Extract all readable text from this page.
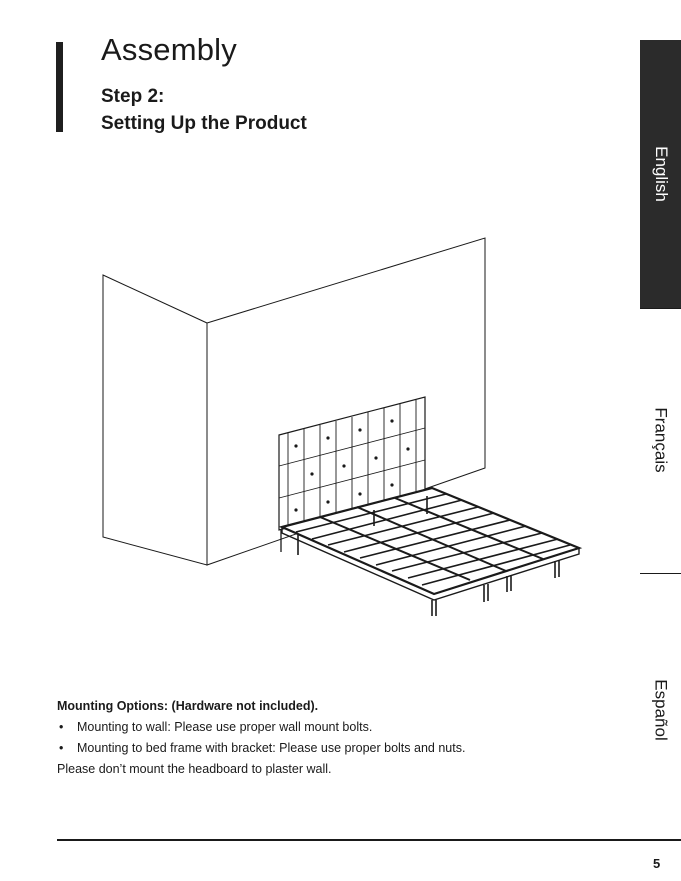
Assembly
Step 2:
Setting Up the Product
English
Français
Español

Mounting Options: (Hardware not included).

• Mounting to wall: Please use proper wall mount bolts.
• Mounting to bed frame with bracket: Please use proper bolts and nuts.

Please don’t mount the headboard to plaster wall.

5
